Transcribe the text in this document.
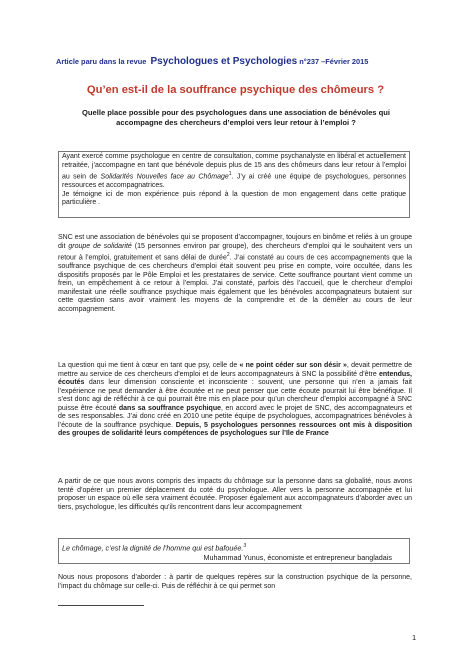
Article paru dans la revue Psychologues et Psychologies n°237 –Février 2015
Qu’en est-il de la souffrance psychique des chômeurs ?
Quelle place possible pour des psychologues dans une association de bénévoles qui accompagne des chercheurs d’emploi vers leur retour à l’emploi ?

Ayant exercé comme psychologue en centre de consultation, comme psychanalyste en libéral et actuellement retraitée, j’accompagne en tant que bénévole depuis plus de 15 ans des chômeurs dans leur retour à l’emploi au sein de Solidarités Nouvelles face au Chômage$^1$. J’y ai créé une équipe de psychologues, personnes ressources et accompagnatrices.

Je témoigne ici de mon expérience puis répond à la question de mon engagement dans cette pratique particulière .

SNC est une association de bénévoles qui se proposent d’accompagner, toujours en binôme et reliés à un groupe dit groupe de solidarité (15 personnes environ par groupe), des chercheurs d’emploi qui le souhaitent vers un retour à l’emploi, gratuitement et sans délai de durée$^2$. J’ai constaté au cours de ces accompagnements que la souffrance psychique de ces chercheurs d’emploi était souvent peu prise en compte, voire occultée, dans les dispositifs proposés par le Pôle Emploi et les prestataires de service. Cette souffrance pourtant vient comme un frein, un empêchement à ce retour à l’emploi. J’ai constaté, parfois dès l’accueil, que le chercheur d’emploi manifestait une réelle souffrance psychique mais également que les bénévoles accompagnateurs butaient sur cette question sans avoir vraiment les moyens de la comprendre et de la démêler au cours de leur accompagnement.

La question qui me tient à cœur en tant que psy, celle de « ne point céder sur son désir », devait permettre de mettre au service de ces chercheurs d’emploi et de leurs accompagnateurs à SNC la possibilité d’être entendus, écoutés dans leur dimension consciente et inconsciente : souvent, une personne qui n’en a jamais fait l’expérience ne peut demander à être écoutée et ne peut penser que cette écoute pourrait lui être bénéfique. Il s’est donc agi de réfléchir à ce qui pourrait être mis en place pour qu’un chercheur d’emploi accompagné à SNC puisse être écouté dans sa souffrance psychique, en accord avec le projet de SNC, des accompagnateurs et de ses responsables. J’ai donc créé en 2010 une petite équipe de psychologues, accompagnatrices bénévoles à l’écoute de la souffrance psychique. Depuis, 5 psychologues personnes ressources ont mis à disposition des groupes de solidarité leurs compétences de psychologues sur l’Ile de France

A partir de ce que nous avons compris des impacts du chômage sur la personne dans sa globalité, nous avons tenté d’opérer un premier déplacement du coté du psychologue. Aller vers la personne accompagnée et lui proposer un espace où elle sera vraiment écoutée. Proposer également aux accompagnateurs d’aborder avec un tiers, psychologue, les difficultés qu’ils rencontrent dans leur accompagnement

Le chômage, c’est la dignité de l’homme qui est bafouée.$^3$
Muhammad Yunus, économiste et entrepreneur bangladais

Nous nous proposons d’aborder : à partir de quelques repères sur la construction psychique de la personne, l’impact du chômage sur celle-ci. Puis de réfléchir à ce qui permet son

1
